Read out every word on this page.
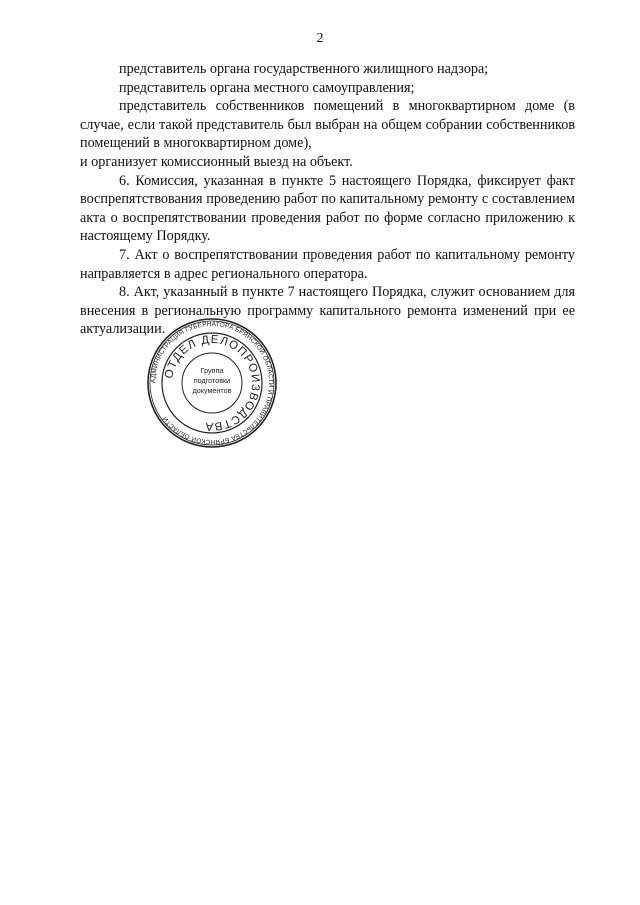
2

представитель органа государственного жилищного надзора;

представитель органа местного самоуправления;

представитель собственников помещений в многоквартирном доме (в случае, если такой представитель был выбран на общем собрании собственников помещений в многоквартирном доме),

и организует комиссионный выезд на объект.

6. Комиссия, указанная в пункте 5 настоящего Порядка, фиксирует факт воспрепятствования проведению работ по капитальному ремонту с составлением акта о воспрепятствовании проведения работ по форме согласно приложению к настоящему Порядку.

7. Акт о воспрепятствовании проведения работ по капитальному ремонту направляется в адрес регионального оператора.

8. Акт, указанный в пункте 7 настоящего Порядка, служит основанием для внесения в региональную программу капитального ремонта изменений при ее актуализации.

АДМИНИСТРАЦИЯ ГУБЕРНАТОРА БРЯНСКОЙ ОБЛАСТИ И ПРАВИТЕЛЬСТВА БРЯНСКОЙ ОБЛАСТИ
ОТДЕЛ ДЕЛОПРОИЗВОДСТВА
Группа
подготовки
документов
